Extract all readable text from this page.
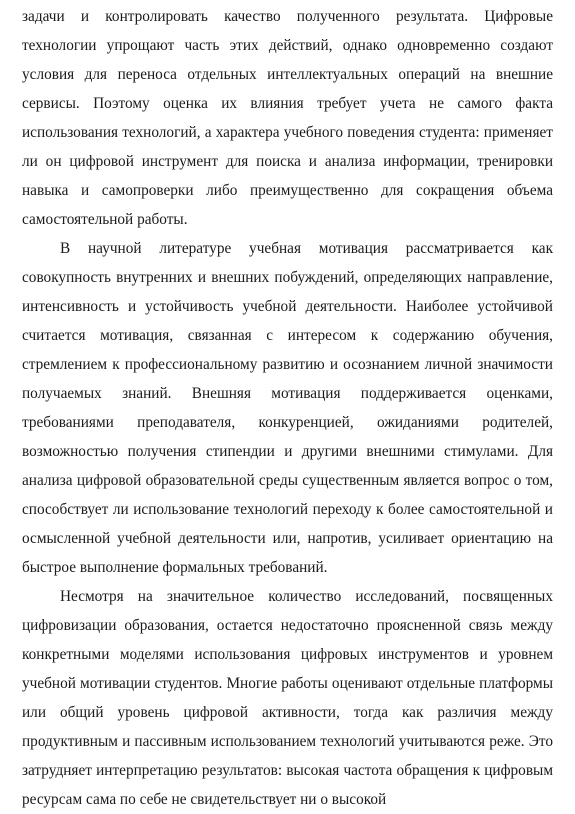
задачи и контролировать качество полученного результата. Цифровые технологии упрощают часть этих действий, однако одновременно создают условия для переноса отдельных интеллектуальных операций на внешние сервисы. Поэтому оценка их влияния требует учета не самого факта использования технологий, а характера учебного поведения студента: применяет ли он цифровой инструмент для поиска и анализа информации, тренировки навыка и самопроверки либо преимущественно для сокращения объема самостоятельной работы.

В научной литературе учебная мотивация рассматривается как совокупность внутренних и внешних побуждений, определяющих направление, интенсивность и устойчивость учебной деятельности. Наиболее устойчивой считается мотивация, связанная с интересом к содержанию обучения, стремлением к профессиональному развитию и осознанием личной значимости получаемых знаний. Внешняя мотивация поддерживается оценками, требованиями преподавателя, конкуренцией, ожиданиями родителей, возможностью получения стипендии и другими внешними стимулами. Для анализа цифровой образовательной среды существенным является вопрос о том, способствует ли использование технологий переходу к более самостоятельной и осмысленной учебной деятельности или, напротив, усиливает ориентацию на быстрое выполнение формальных требований.

Несмотря на значительное количество исследований, посвященных цифровизации образования, остается недостаточно проясненной связь между конкретными моделями использования цифровых инструментов и уровнем учебной мотивации студентов. Многие работы оценивают отдельные платформы или общий уровень цифровой активности, тогда как различия между продуктивным и пассивным использованием технологий учитываются реже. Это затрудняет интерпретацию результатов: высокая частота обращения к цифровым ресурсам сама по себе не свидетельствует ни о высокой
